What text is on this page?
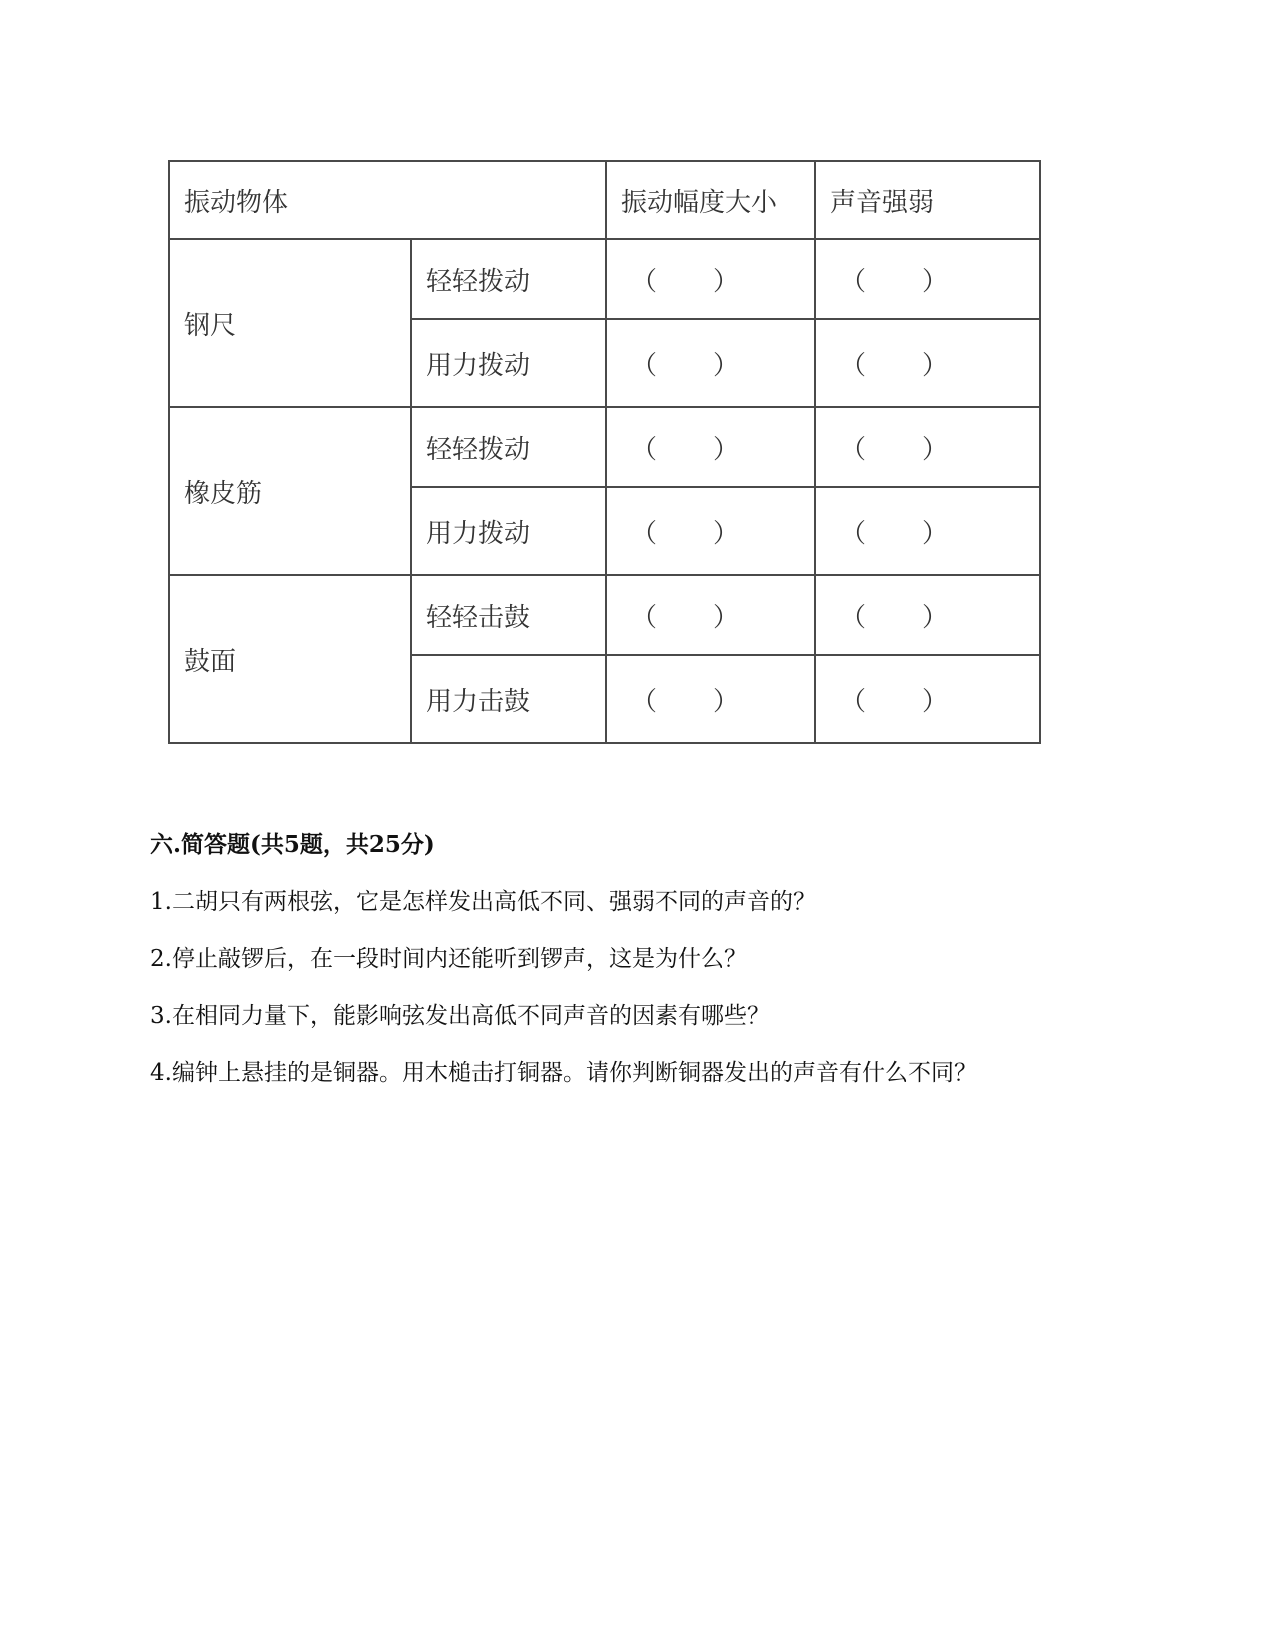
振动物体		振动幅度大小	声音强弱
钢尺	轻轻拨动	（ ）	（ ）

	用力拨动	（ ）	（ ）

橡皮筋	轻轻拨动	（ ）	（ ）

	用力拨动	（ ）	（ ）

鼓面	轻轻击鼓	（ ）	（ ）

	用力击鼓	（ ）	（ ）
六.简答题(共5题，共25分)
1.二胡只有两根弦，它是怎样发出高低不同、强弱不同的声音的？
2.停止敲锣后，在一段时间内还能听到锣声，这是为什么？
3.在相同力量下，能影响弦发出高低不同声音的因素有哪些？
4.编钟上悬挂的是铜器。用木槌击打铜器。请你判断铜器发出的声音有什么不同？
